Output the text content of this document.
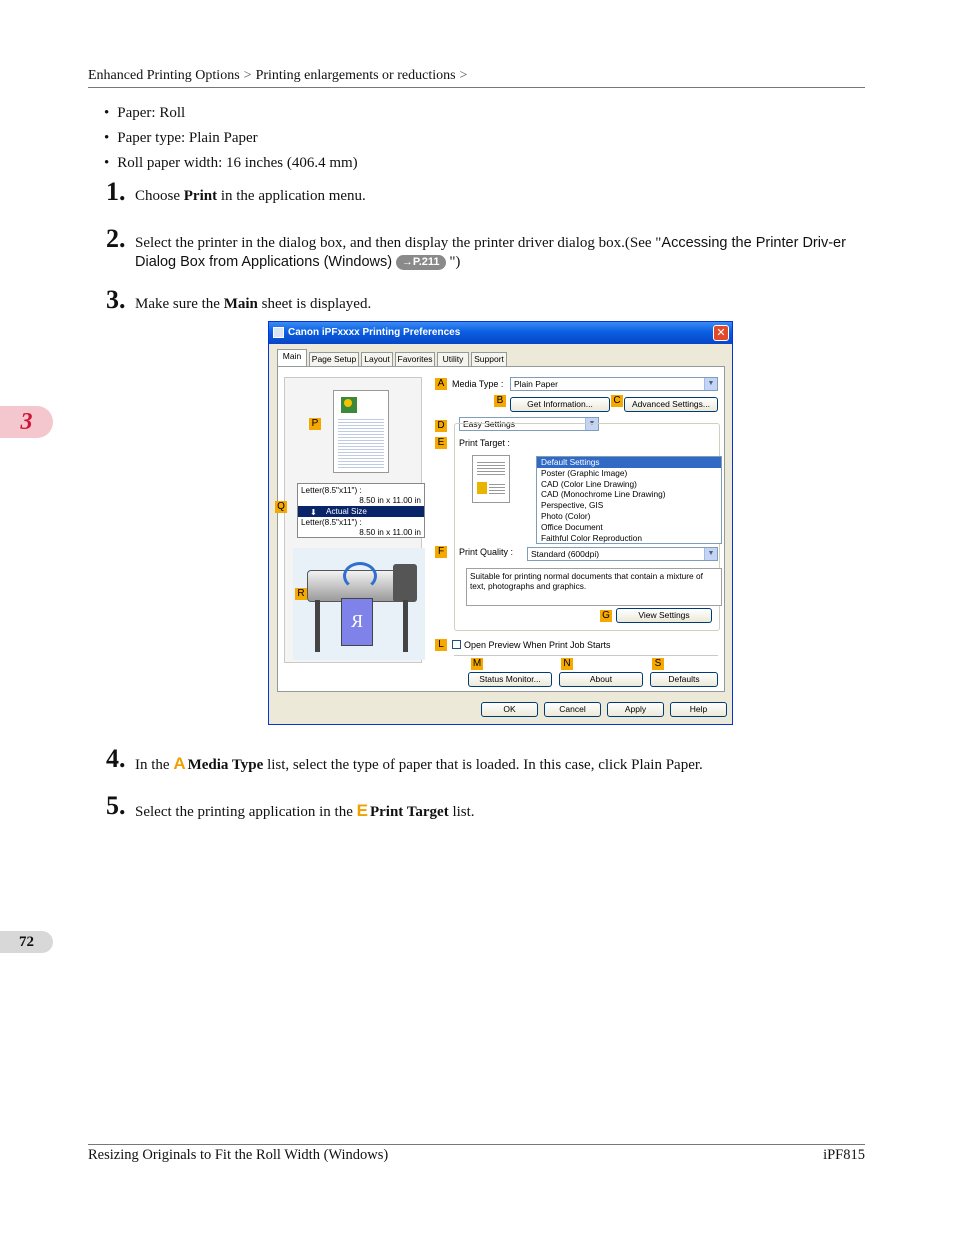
Enhanced Printing Options > Printing enlargements or reductions >
• Paper: Roll
• Paper type: Plain Paper
• Roll paper width: 16 inches (406.4 mm)
1. Choose Print in the application menu.
2. Select the printer in the dialog box, and then display the printer driver dialog box.(See "Accessing the Printer Driv-er Dialog Box from Applications (Windows) →P.211 ")
3. Make sure the Main sheet is displayed.
Canon iPFxxxx Printing Preferences	✕
Main	Page Setup Layout Favorites	Utility	Support
P
Q
Letter(8.5"x11") :
8.50 in x 11.00 in
⬇ Actual Size
Letter(8.5"x11") :
8.50 in x 11.00 in
R
R
A Media Type :	Plain Paper	▼
B	Get Information...	C	Advanced Settings...
D	Easy Settings	▼
E Print Target :
Default Settings
Poster (Graphic Image)
CAD (Color Line Drawing)
CAD (Monochrome Line Drawing)
Perspective, GIS
Photo (Color)
Office Document
Faithful Color Reproduction
F	Print Quality :	Standard (600dpi)	▼
Suitable for printing normal documents that contain a mixture of text, photographs and graphics.
G	View Settings
L	Open Preview When Print Job Starts
M	N	S
Status Monitor...	About	Defaults
OK	Cancel	Apply	Help
4. In the A Media Type list, select the type of paper that is loaded. In this case, click Plain Paper.
5. Select the printing application in the E Print Target list.
3
72
Resizing Originals to Fit the Roll Width (Windows)	iPF815
